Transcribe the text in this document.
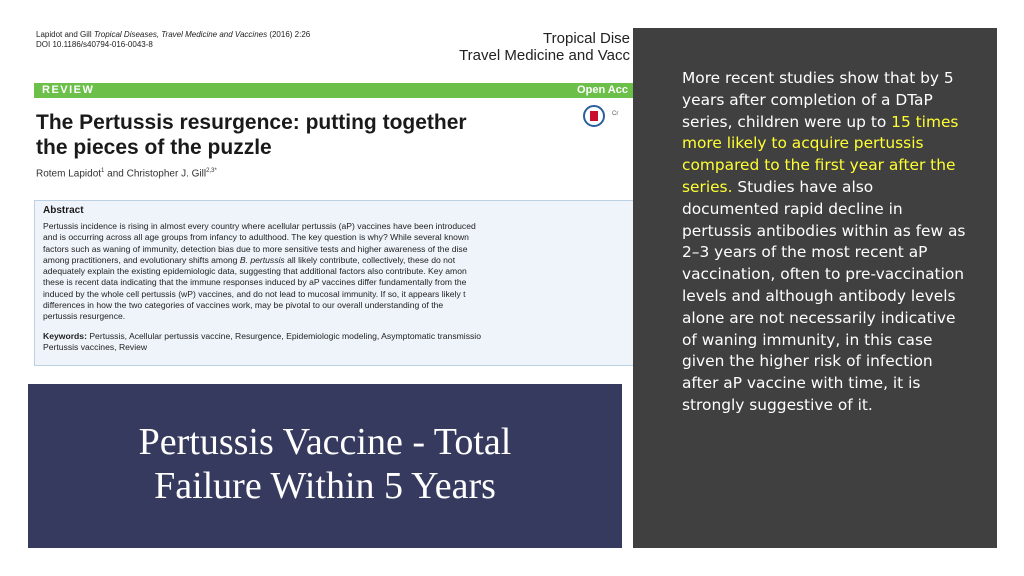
Lapidot and Gill Tropical Diseases, Travel Medicine and Vaccines (2016) 2:26
DOI 10.1186/s40794-016-0043-8	Tropical Dise
Travel Medicine and Vacc
REVIEW	Open Acc
Cr
The Pertussis resurgence: putting together
the pieces of the puzzle
Rotem Lapidot$^1$ and Christopher J. Gill$^{2,3*}$
Abstract
Pertussis incidence is rising in almost every country where acellular pertussis (aP) vaccines have been introduced
and is occurring across all age groups from infancy to adulthood. The key question is why? While several known
factors such as waning of immunity, detection bias due to more sensitive tests and higher awareness of the dise
among practitioners, and evolutionary shifts among B. pertussis all likely contribute, collectively, these do not
adequately explain the existing epidemiologic data, suggesting that additional factors also contribute. Key amon
these is recent data indicating that the immune responses induced by aP vaccines differ fundamentally from the
induced by the whole cell pertussis (wP) vaccines, and do not lead to mucosal immunity. If so, it appears likely t
differences in how the two categories of vaccines work, may be pivotal to our overall understanding of the
pertussis resurgence.
Keywords: Pertussis, Acellular pertussis vaccine, Resurgence, Epidemiologic modeling, Asymptomatic transmissio
Pertussis vaccines, Review
Pertussis Vaccine - Total
Failure Within 5 Years
More recent studies show that by 5 years after completion of a DTaP series, children were up to 15 times more likely to acquire pertussis compared to the first year after the series. Studies have also documented rapid decline in pertussis antibodies within as few as 2–3 years of the most recent aP vaccination, often to pre-vaccination levels and although antibody levels alone are not necessarily indicative of waning immunity, in this case given the higher risk of infection after aP vaccine with time, it is strongly suggestive of it.
